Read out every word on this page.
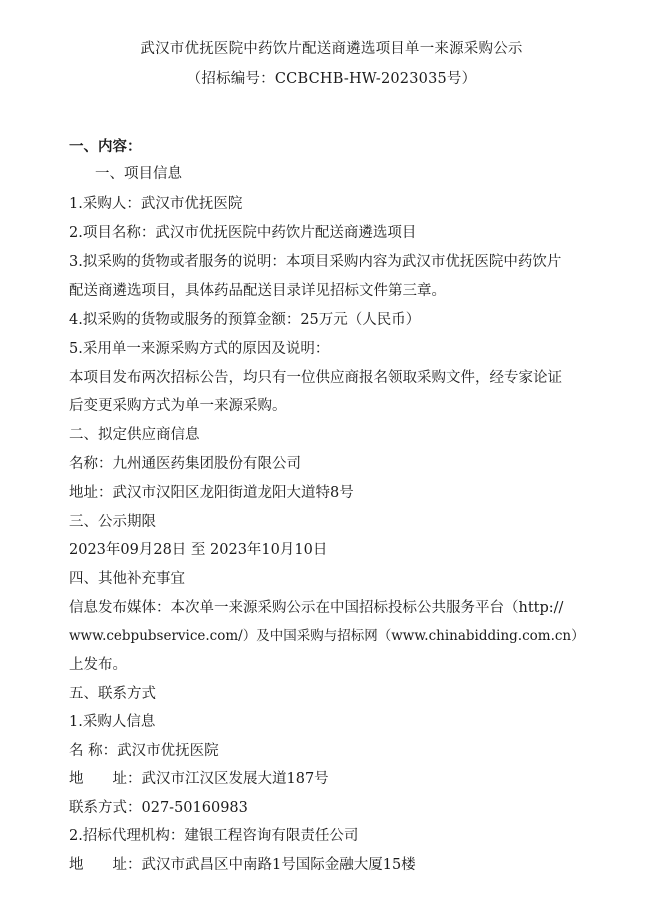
武汉市优抚医院中药饮片配送商遴选项目单一来源采购公示
（招标编号：CCBCHB-HW-2023035号）
一、内容：
一、项目信息
1.采购人：武汉市优抚医院
2.项目名称：武汉市优抚医院中药饮片配送商遴选项目
3.拟采购的货物或者服务的说明：本项目采购内容为武汉市优抚医院中药饮片
配送商遴选项目，具体药品配送目录详见招标文件第三章。
4.拟采购的货物或服务的预算金额：25万元（人民币）
5.采用单一来源采购方式的原因及说明：
本项目发布两次招标公告，均只有一位供应商报名领取采购文件，经专家论证
后变更采购方式为单一来源采购。
二、拟定供应商信息
名称：九州通医药集团股份有限公司
地址：武汉市汉阳区龙阳街道龙阳大道特8号
三、公示期限
2023年09月28日 至 2023年10月10日
四、其他补充事宜
信息发布媒体：本次单一来源采购公示在中国招标投标公共服务平台（http://
www.cebpubservice.com/）及中国采购与招标网（www.chinabidding.com.cn）
上发布。
五、联系方式
1.采购人信息
名 称：武汉市优抚医院
地　　址：武汉市江汉区发展大道187号
联系方式：027-50160983
2.招标代理机构：建银工程咨询有限责任公司
地　　址：武汉市武昌区中南路1号国际金融大厦15楼
